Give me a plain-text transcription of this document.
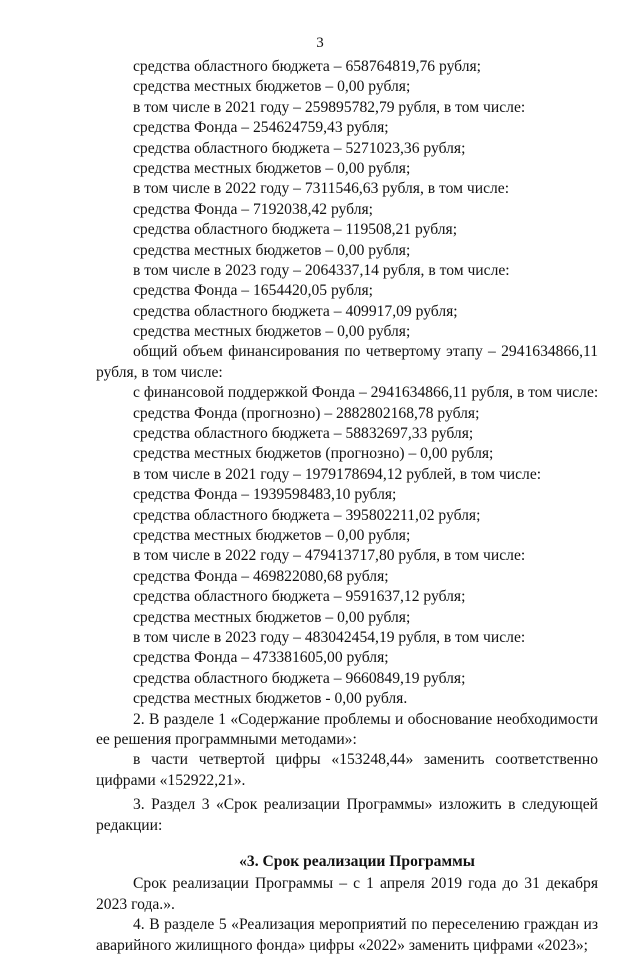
3
средства областного бюджета – 658764819,76 рубля;
средства местных бюджетов – 0,00 рубля;
в том числе в 2021 году – 259895782,79 рубля, в том числе:
средства Фонда – 254624759,43 рубля;
средства областного бюджета – 5271023,36 рубля;
средства местных бюджетов – 0,00 рубля;
в том числе в 2022 году – 7311546,63 рубля, в том числе:
средства Фонда – 7192038,42 рубля;
средства областного бюджета – 119508,21 рубля;
средства местных бюджетов – 0,00 рубля;
в том числе в 2023 году – 2064337,14 рубля, в том числе:
средства Фонда – 1654420,05 рубля;
средства областного бюджета – 409917,09 рубля;
средства местных бюджетов – 0,00 рубля;

общий объем финансирования по четвертому этапу – 2941634866,11 рубля, в том числе:

с финансовой поддержкой Фонда – 2941634866,11 рубля, в том числе:
средства Фонда (прогнозно) – 2882802168,78 рубля;
средства областного бюджета – 58832697,33 рубля;
средства местных бюджетов (прогнозно) – 0,00 рубля;
в том числе в 2021 году – 1979178694,12 рублей, в том числе:
средства Фонда – 1939598483,10 рубля;
средства областного бюджета – 395802211,02 рубля;
средства местных бюджетов – 0,00 рубля;
в том числе в 2022 году – 479413717,80 рубля, в том числе:
средства Фонда – 469822080,68 рубля;
средства областного бюджета – 9591637,12 рубля;
средства местных бюджетов – 0,00 рубля;
в том числе в 2023 году – 483042454,19 рубля, в том числе:
средства Фонда – 473381605,00 рубля;
средства областного бюджета – 9660849,19 рубля;
средства местных бюджетов - 0,00 рубля.

2. В разделе 1 «Содержание проблемы и обоснование необходимости ее решения программными методами»:

в части четвертой цифры «153248,44» заменить соответственно цифрами «152922,21».

3. Раздел 3 «Срок реализации Программы» изложить в следующей редакции:

«3. Срок реализации Программы

Срок реализации Программы – с 1 апреля 2019 года до 31 декабря 2023 года.».

4. В разделе 5 «Реализация мероприятий по переселению граждан из аварийного жилищного фонда» цифры «2022» заменить цифрами «2023»;
